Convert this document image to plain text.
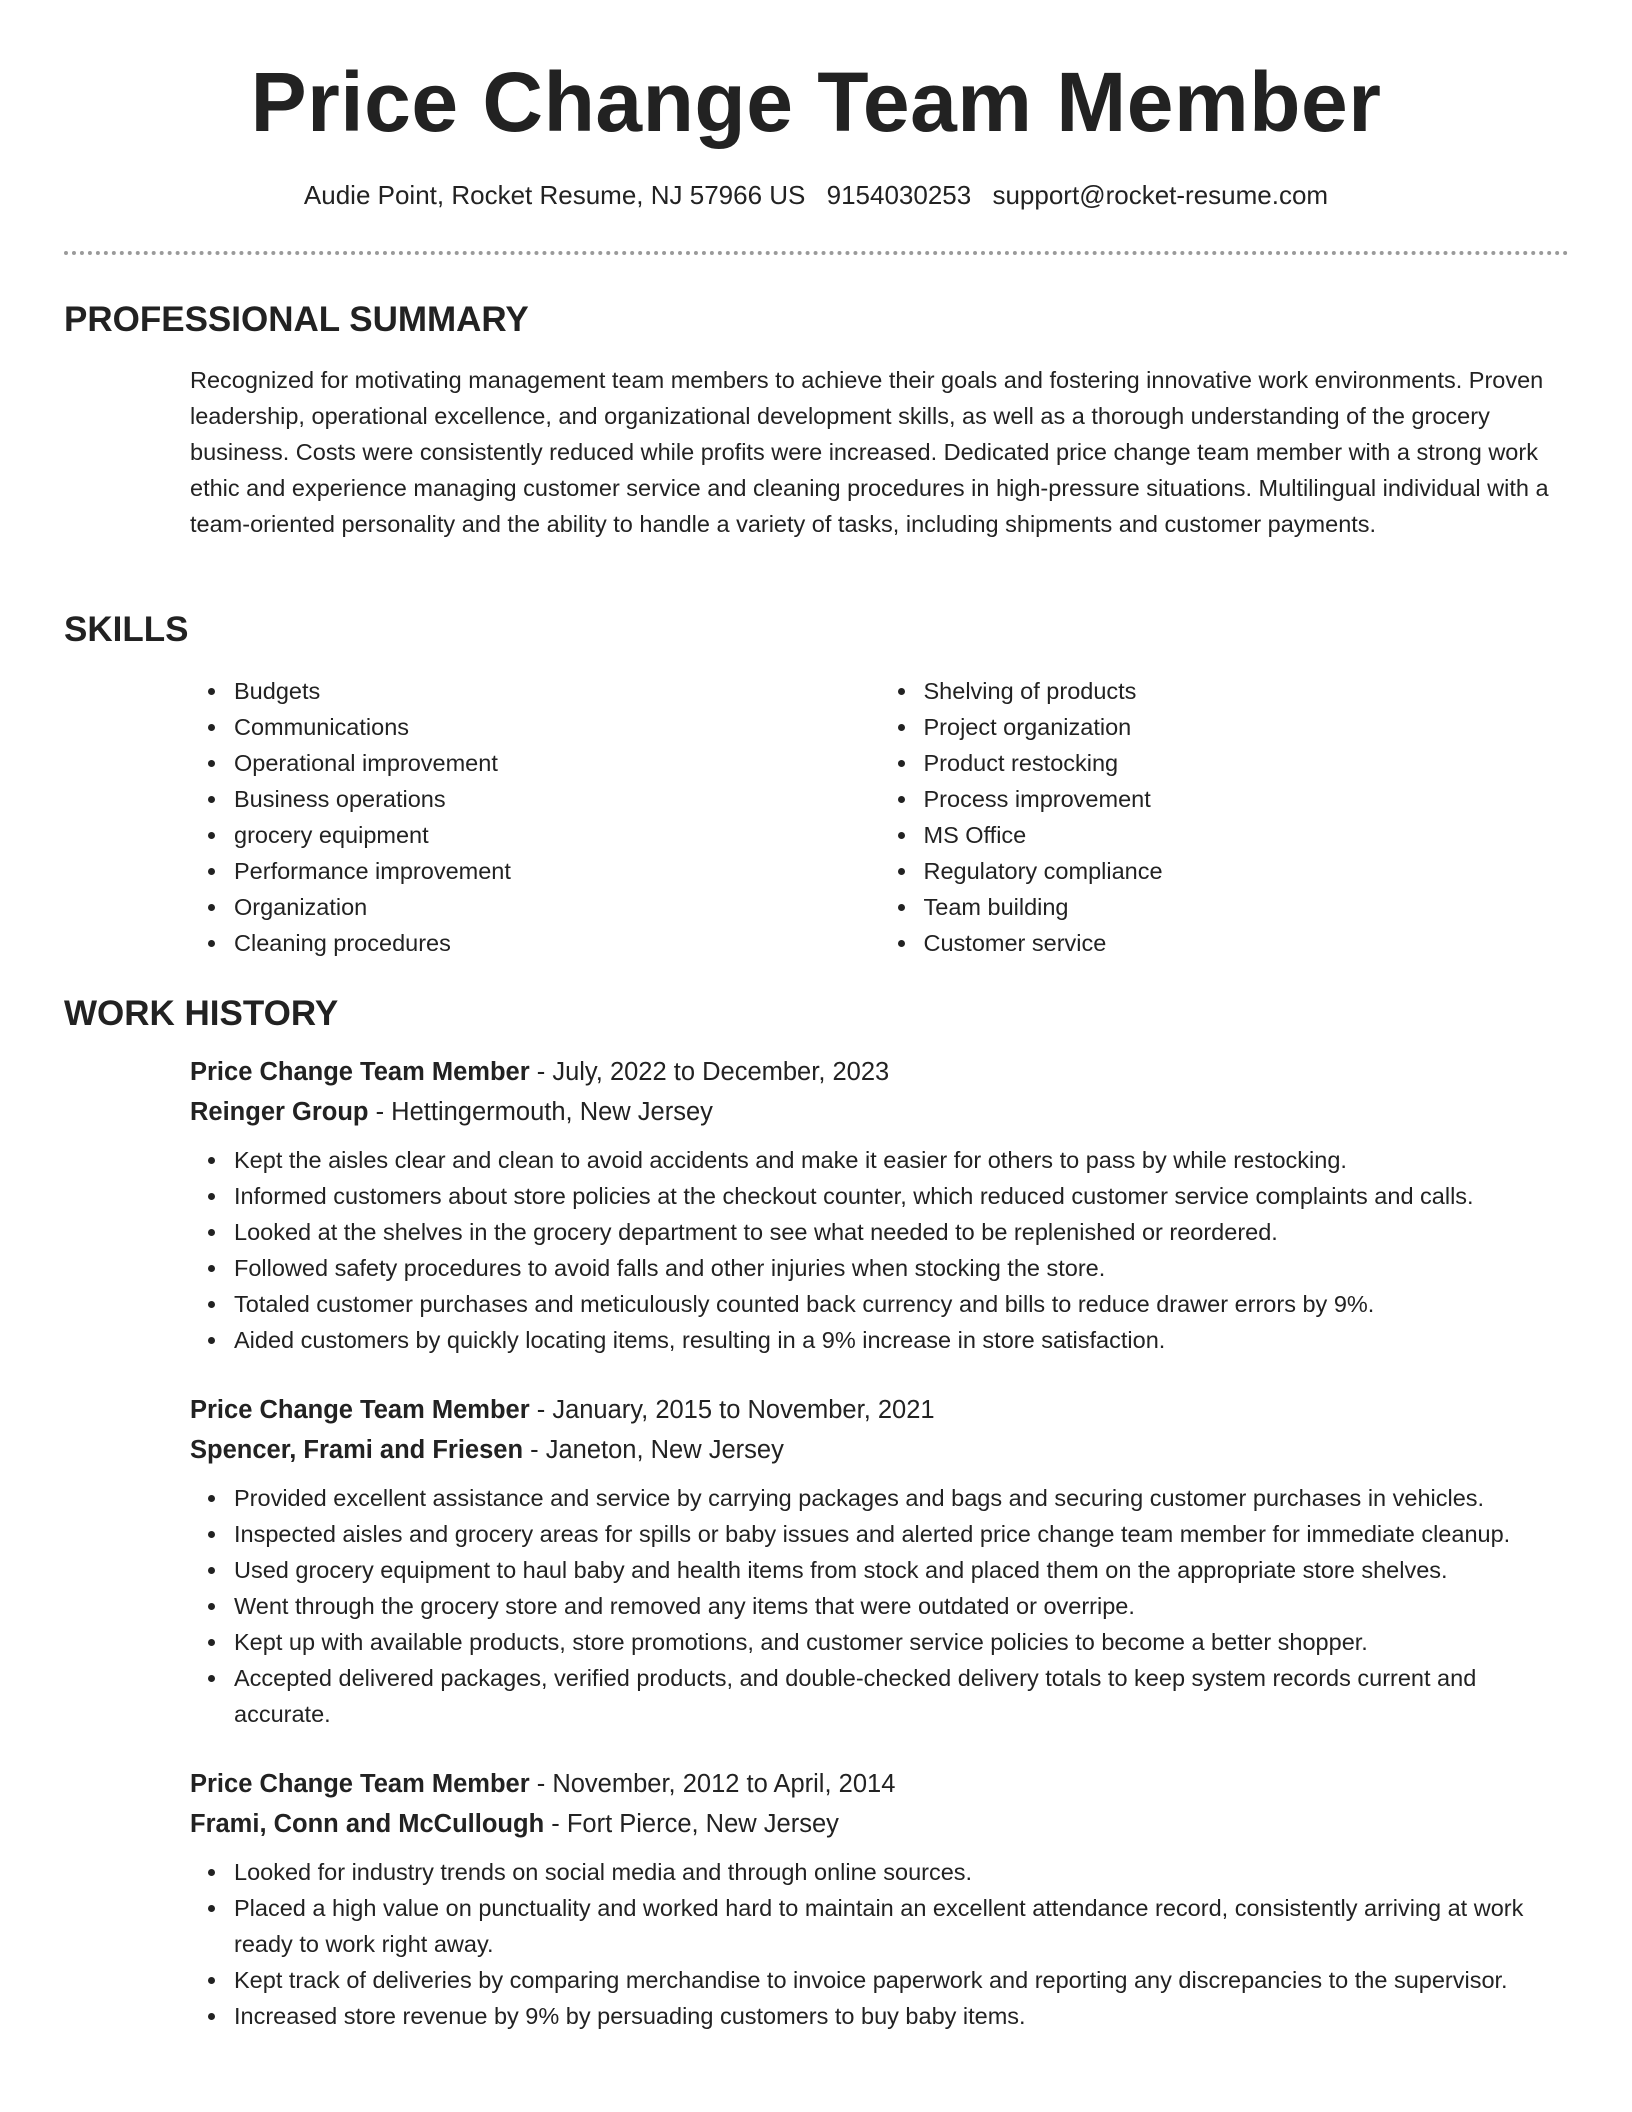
Price Change Team Member
Audie Point, Rocket Resume, NJ 57966 US 9154030253 support@rocket-resume.com
PROFESSIONAL SUMMARY

Recognized for motivating management team members to achieve their goals and fostering innovative work environments. Proven leadership, operational excellence, and organizational development skills, as well as a thorough understanding of the grocery business. Costs were consistently reduced while profits were increased. Dedicated price change team member with a strong work ethic and experience managing customer service and cleaning procedures in high-pressure situations. Multilingual individual with a team-oriented personality and the ability to handle a variety of tasks, including shipments and customer payments.

SKILLS
Budgets
Communications
Operational improvement
Business operations
grocery equipment
Performance improvement
Organization
Cleaning procedures
Shelving of products
Project organization
Product restocking
Process improvement
MS Office
Regulatory compliance
Team building
Customer service
WORK HISTORY
Price Change Team Member - July, 2022 to December, 2023
Reinger Group - Hettingermouth, New Jersey
Kept the aisles clear and clean to avoid accidents and make it easier for others to pass by while restocking.
Informed customers about store policies at the checkout counter, which reduced customer service complaints and calls.
Looked at the shelves in the grocery department to see what needed to be replenished or reordered.
Followed safety procedures to avoid falls and other injuries when stocking the store.
Totaled customer purchases and meticulously counted back currency and bills to reduce drawer errors by 9%.
Aided customers by quickly locating items, resulting in a 9% increase in store satisfaction.
Price Change Team Member - January, 2015 to November, 2021
Spencer, Frami and Friesen - Janeton, New Jersey
Provided excellent assistance and service by carrying packages and bags and securing customer purchases in vehicles.
Inspected aisles and grocery areas for spills or baby issues and alerted price change team member for immediate cleanup.
Used grocery equipment to haul baby and health items from stock and placed them on the appropriate store shelves.
Went through the grocery store and removed any items that were outdated or overripe.
Kept up with available products, store promotions, and customer service policies to become a better shopper.
Accepted delivered packages, verified products, and double-checked delivery totals to keep system records current and accurate.
Price Change Team Member - November, 2012 to April, 2014
Frami, Conn and McCullough - Fort Pierce, New Jersey
Looked for industry trends on social media and through online sources.
Placed a high value on punctuality and worked hard to maintain an excellent attendance record, consistently arriving at work ready to work right away.
Kept track of deliveries by comparing merchandise to invoice paperwork and reporting any discrepancies to the supervisor.
Increased store revenue by 9% by persuading customers to buy baby items.
